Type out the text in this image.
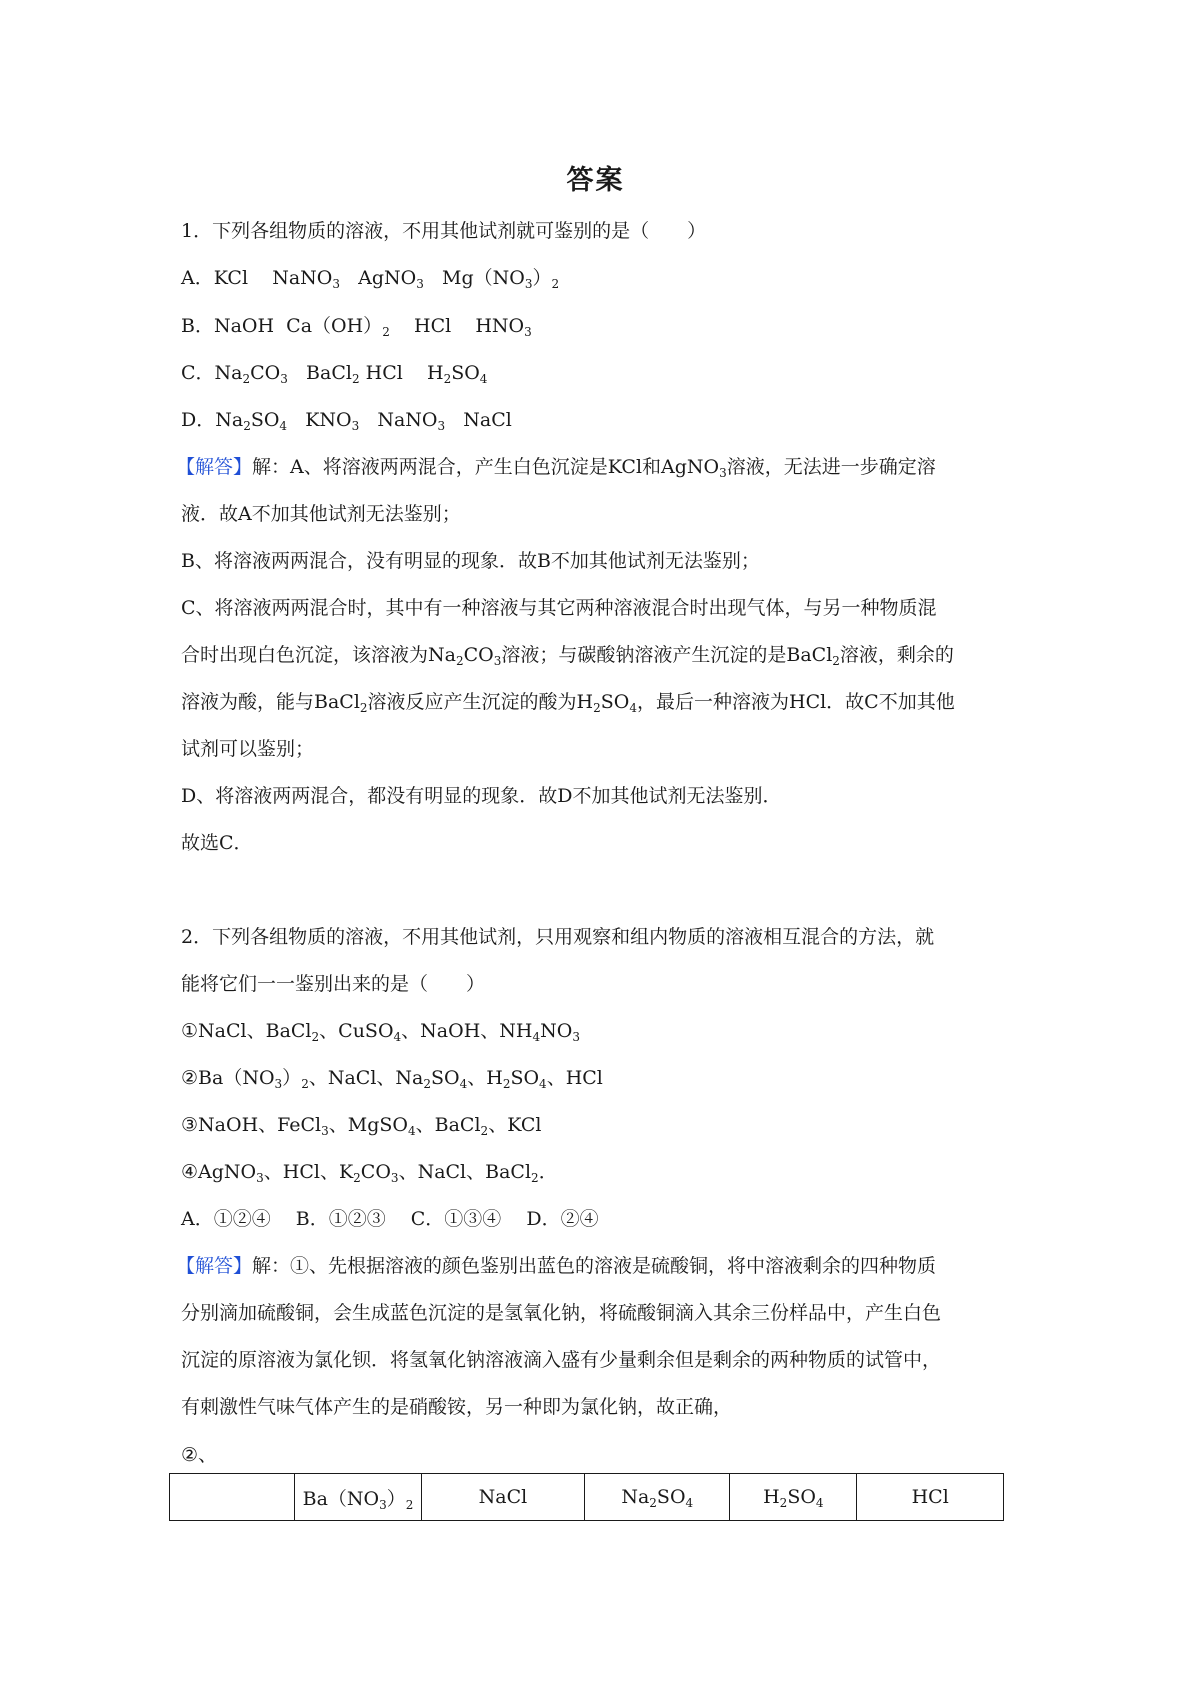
答案
1．下列各组物质的溶液，不用其他试剂就可鉴别的是（　　）
A．KCl NaNO$_3$ AgNO$_3$ $Mg(NO_3)_2$
B．NaOH $Ca(OH)_2$ HCl $HNO_3$
C．$Na_2CO_3$ BaCl$_2$ HCl $H_2SO_4$
D．$Na_2SO_4$ $KNO_3$ NaNO$_3$ NaCl
【解答】解：A、将溶液两两混合，产生白色沉淀是KCl和AgNO$_3$溶液，无法进一步确定溶
液．故A不加其他试剂无法鉴别；
B、将溶液两两混合，没有明显的现象．故B不加其他试剂无法鉴别；
C、将溶液两两混合时，其中有一种溶液与其它两种溶液混合时出现气体，与另一种物质混
合时出现白色沉淀，该溶液为$Na_2CO_3$溶液；与碳酸钠溶液产生沉淀的是BaCl$_2$溶液，剩余的
溶液为酸，能与BaCl$_2$溶液反应产生沉淀的酸为$H_2SO_4$，最后一种溶液为HCl．故C不加其他
试剂可以鉴别；
D、将溶液两两混合，都没有明显的现象．故D不加其他试剂无法鉴别．
故选C．
2．下列各组物质的溶液，不用其他试剂，只用观察和组内物质的溶液相互混合的方法，就
能将它们一一鉴别出来的是（　　）
①NaCl、BaCl$_2$、CuSO$_4$、NaOH、$NH_4NO_3$
$②Ba(NO_3)_2$、NaCl、$Na_2SO_4$、$H_2SO_4$、HCl
③NaOH、FeCl$_3$、MgSO$_4$、BaCl$_2$、KCl
④AgNO$_3$、HCl、$K_2CO_3$、NaCl、BaCl$_2$．
A．①②④　 B．①②③　 C．①③④　 D．②④
【解答】解：①、先根据溶液的颜色鉴别出蓝色的溶液是硫酸铜，将中溶液剩余的四种物质
分别滴加硫酸铜，会生成蓝色沉淀的是氢氧化钠，将硫酸铜滴入其余三份样品中，产生白色
沉淀的原溶液为氯化钡．将氢氧化钠溶液滴入盛有少量剩余但是剩余的两种物质的试管中，
有刺激性气味气体产生的是硝酸铵，另一种即为氯化钠，故正确，
②、
	$Ba(NO_3)_2$	NaCl	$Na_2SO_4$	$H_2SO_4$	HCl
